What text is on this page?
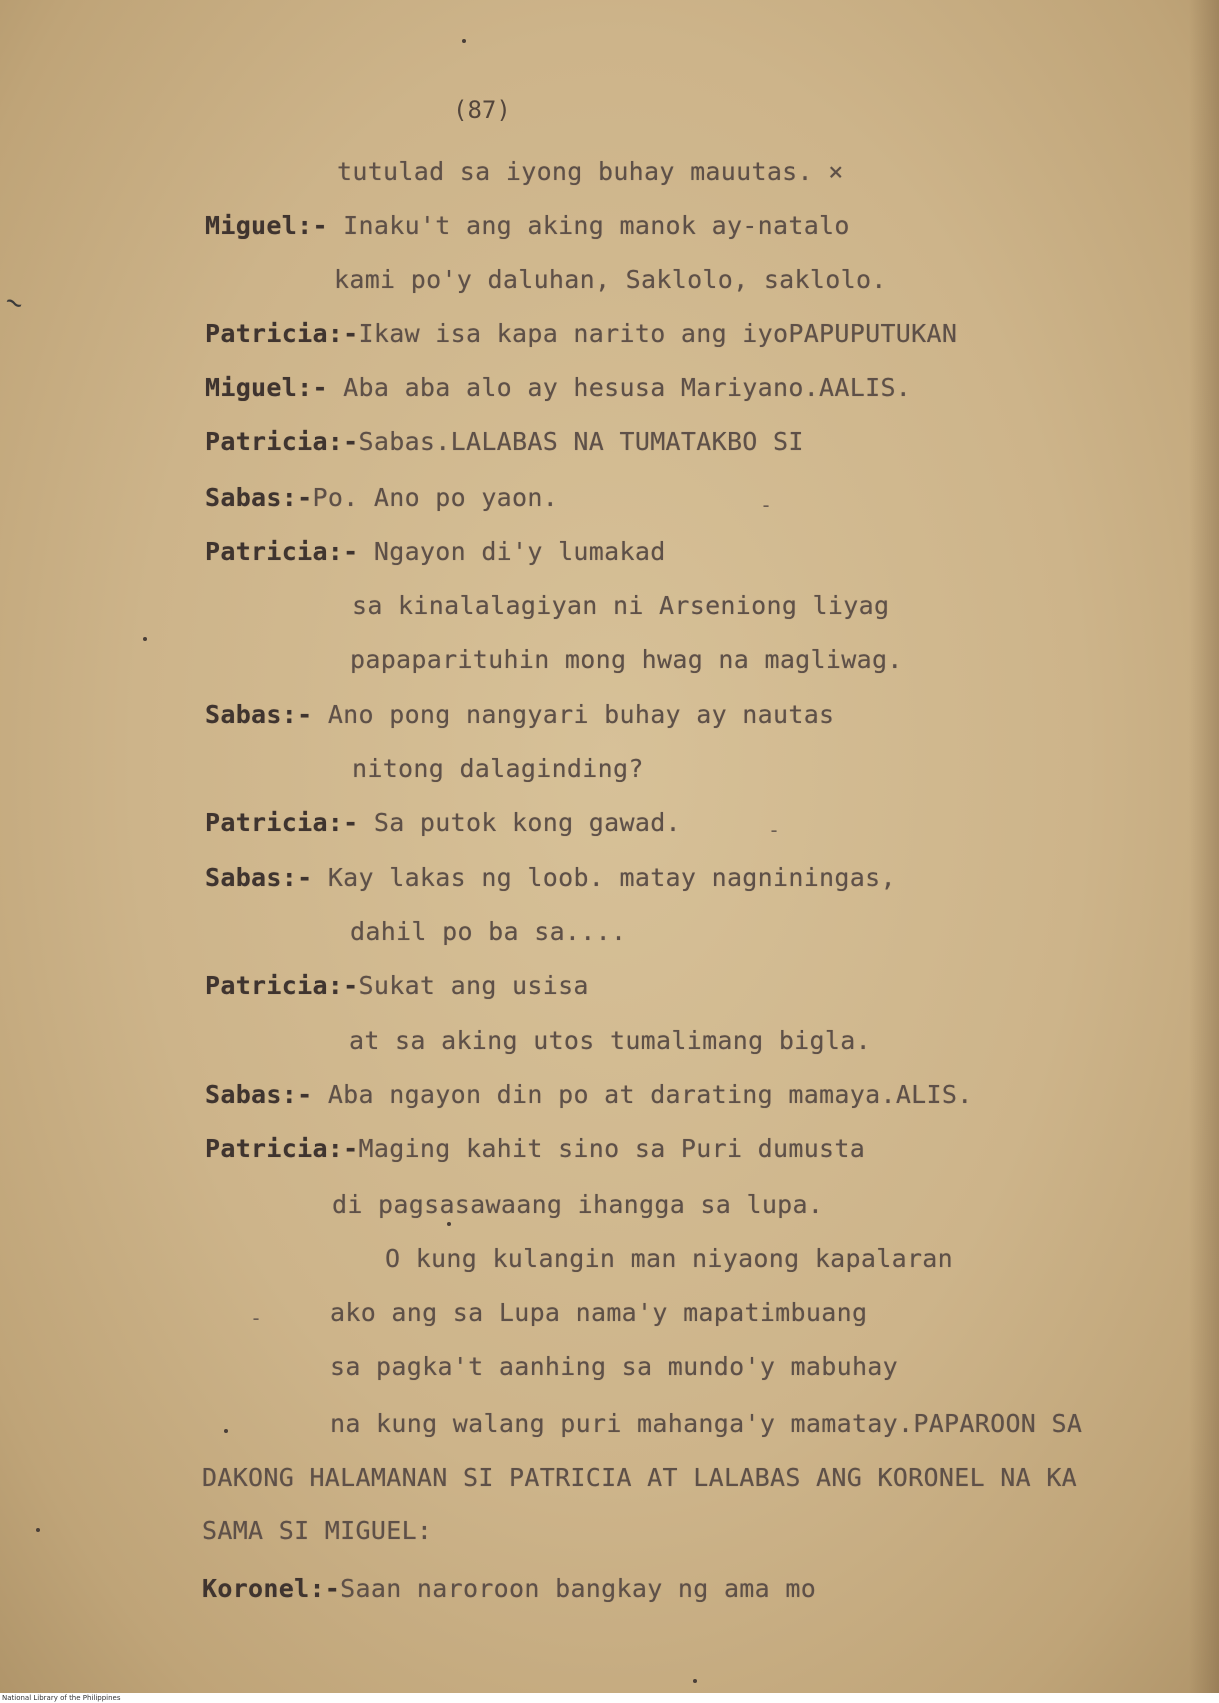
(87)
tutulad sa iyong buhay mauutas. ×
Miguel:- Inaku't ang aking manok ay-natalo
kami po'y daluhan, Saklolo, saklolo.
Patricia:-Ikaw isa kapa narito ang iyoPAPUPUTUKAN
Miguel:- Aba aba alo ay hesusa Mariyano.AALIS.
Patricia:-Sabas.LALABAS NA TUMATAKBO SI
Sabas:-Po. Ano po yaon.
Patricia:- Ngayon di'y lumakad
sa kinalalagiyan ni Arseniong liyag
papaparituhin mong hwag na magliwag.
Sabas:- Ano pong nangyari buhay ay nautas
nitong dalaginding?
Patricia:- Sa putok kong gawad.
Sabas:- Kay lakas ng loob. matay nagniningas,
dahil po ba sa....
Patricia:-Sukat ang usisa
at sa aking utos tumalimang bigla.
Sabas:- Aba ngayon din po at darating mamaya.ALIS.
Patricia:-Maging kahit sino sa Puri dumusta
di pagsasawaang ihangga sa lupa.
O kung kulangin man niyaong kapalaran
ako ang sa Lupa nama'y mapatimbuang
sa pagka't aanhing sa mundo'y mabuhay
na kung walang puri mahanga'y mamatay.PAPAROON SA
DAKONG HALAMANAN SI PATRICIA AT LALABAS ANG KORONEL NA KA
SAMA SI MIGUEL:
Koronel:-Saan naroroon bangkay ng ama mo
~
-
-
-
National Library of the Philippines
